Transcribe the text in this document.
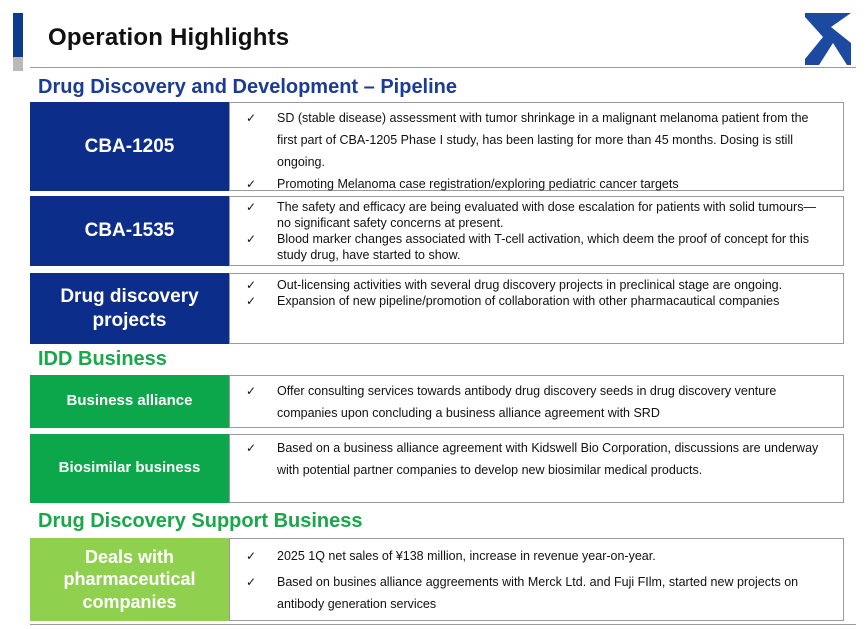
Operation Highlights
Drug Discovery and Development – Pipeline
CBA-1205
✓ SD (stable disease) assessment with tumor shrinkage in a malignant melanoma patient from the first part of CBA-1205 Phase I study, has been lasting for more than 45 months. Dosing is still ongoing.
✓ Promoting Melanoma case registration/exploring pediatric cancer targets
CBA-1535
✓ The safety and efficacy are being evaluated with dose escalation for patients with solid tumours—no significant safety concerns at present.
✓ Blood marker changes associated with T-cell activation, which deem the proof of concept for this study drug, have started to show.
Drug discovery projects
✓ Out-licensing activities with several drug discovery projects in preclinical stage are ongoing.
✓ Expansion of new pipeline/promotion of collaboration with other pharmacautical companies
IDD Business
Business alliance
✓ Offer consulting services towards antibody drug discovery seeds in drug discovery venture companies upon concluding a business alliance agreement with SRD
Biosimilar business
✓ Based on a business alliance agreement with Kidswell Bio Corporation, discussions are underway with potential partner companies to develop new biosimilar medical products.
Drug Discovery Support Business
Deals with pharmaceutical companies
✓ 2025 1Q net sales of ¥138 million, increase in revenue year-on-year.
✓ Based on busines alliance aggreements with Merck Ltd. and Fuji FIlm, started new projects on antibody generation services
